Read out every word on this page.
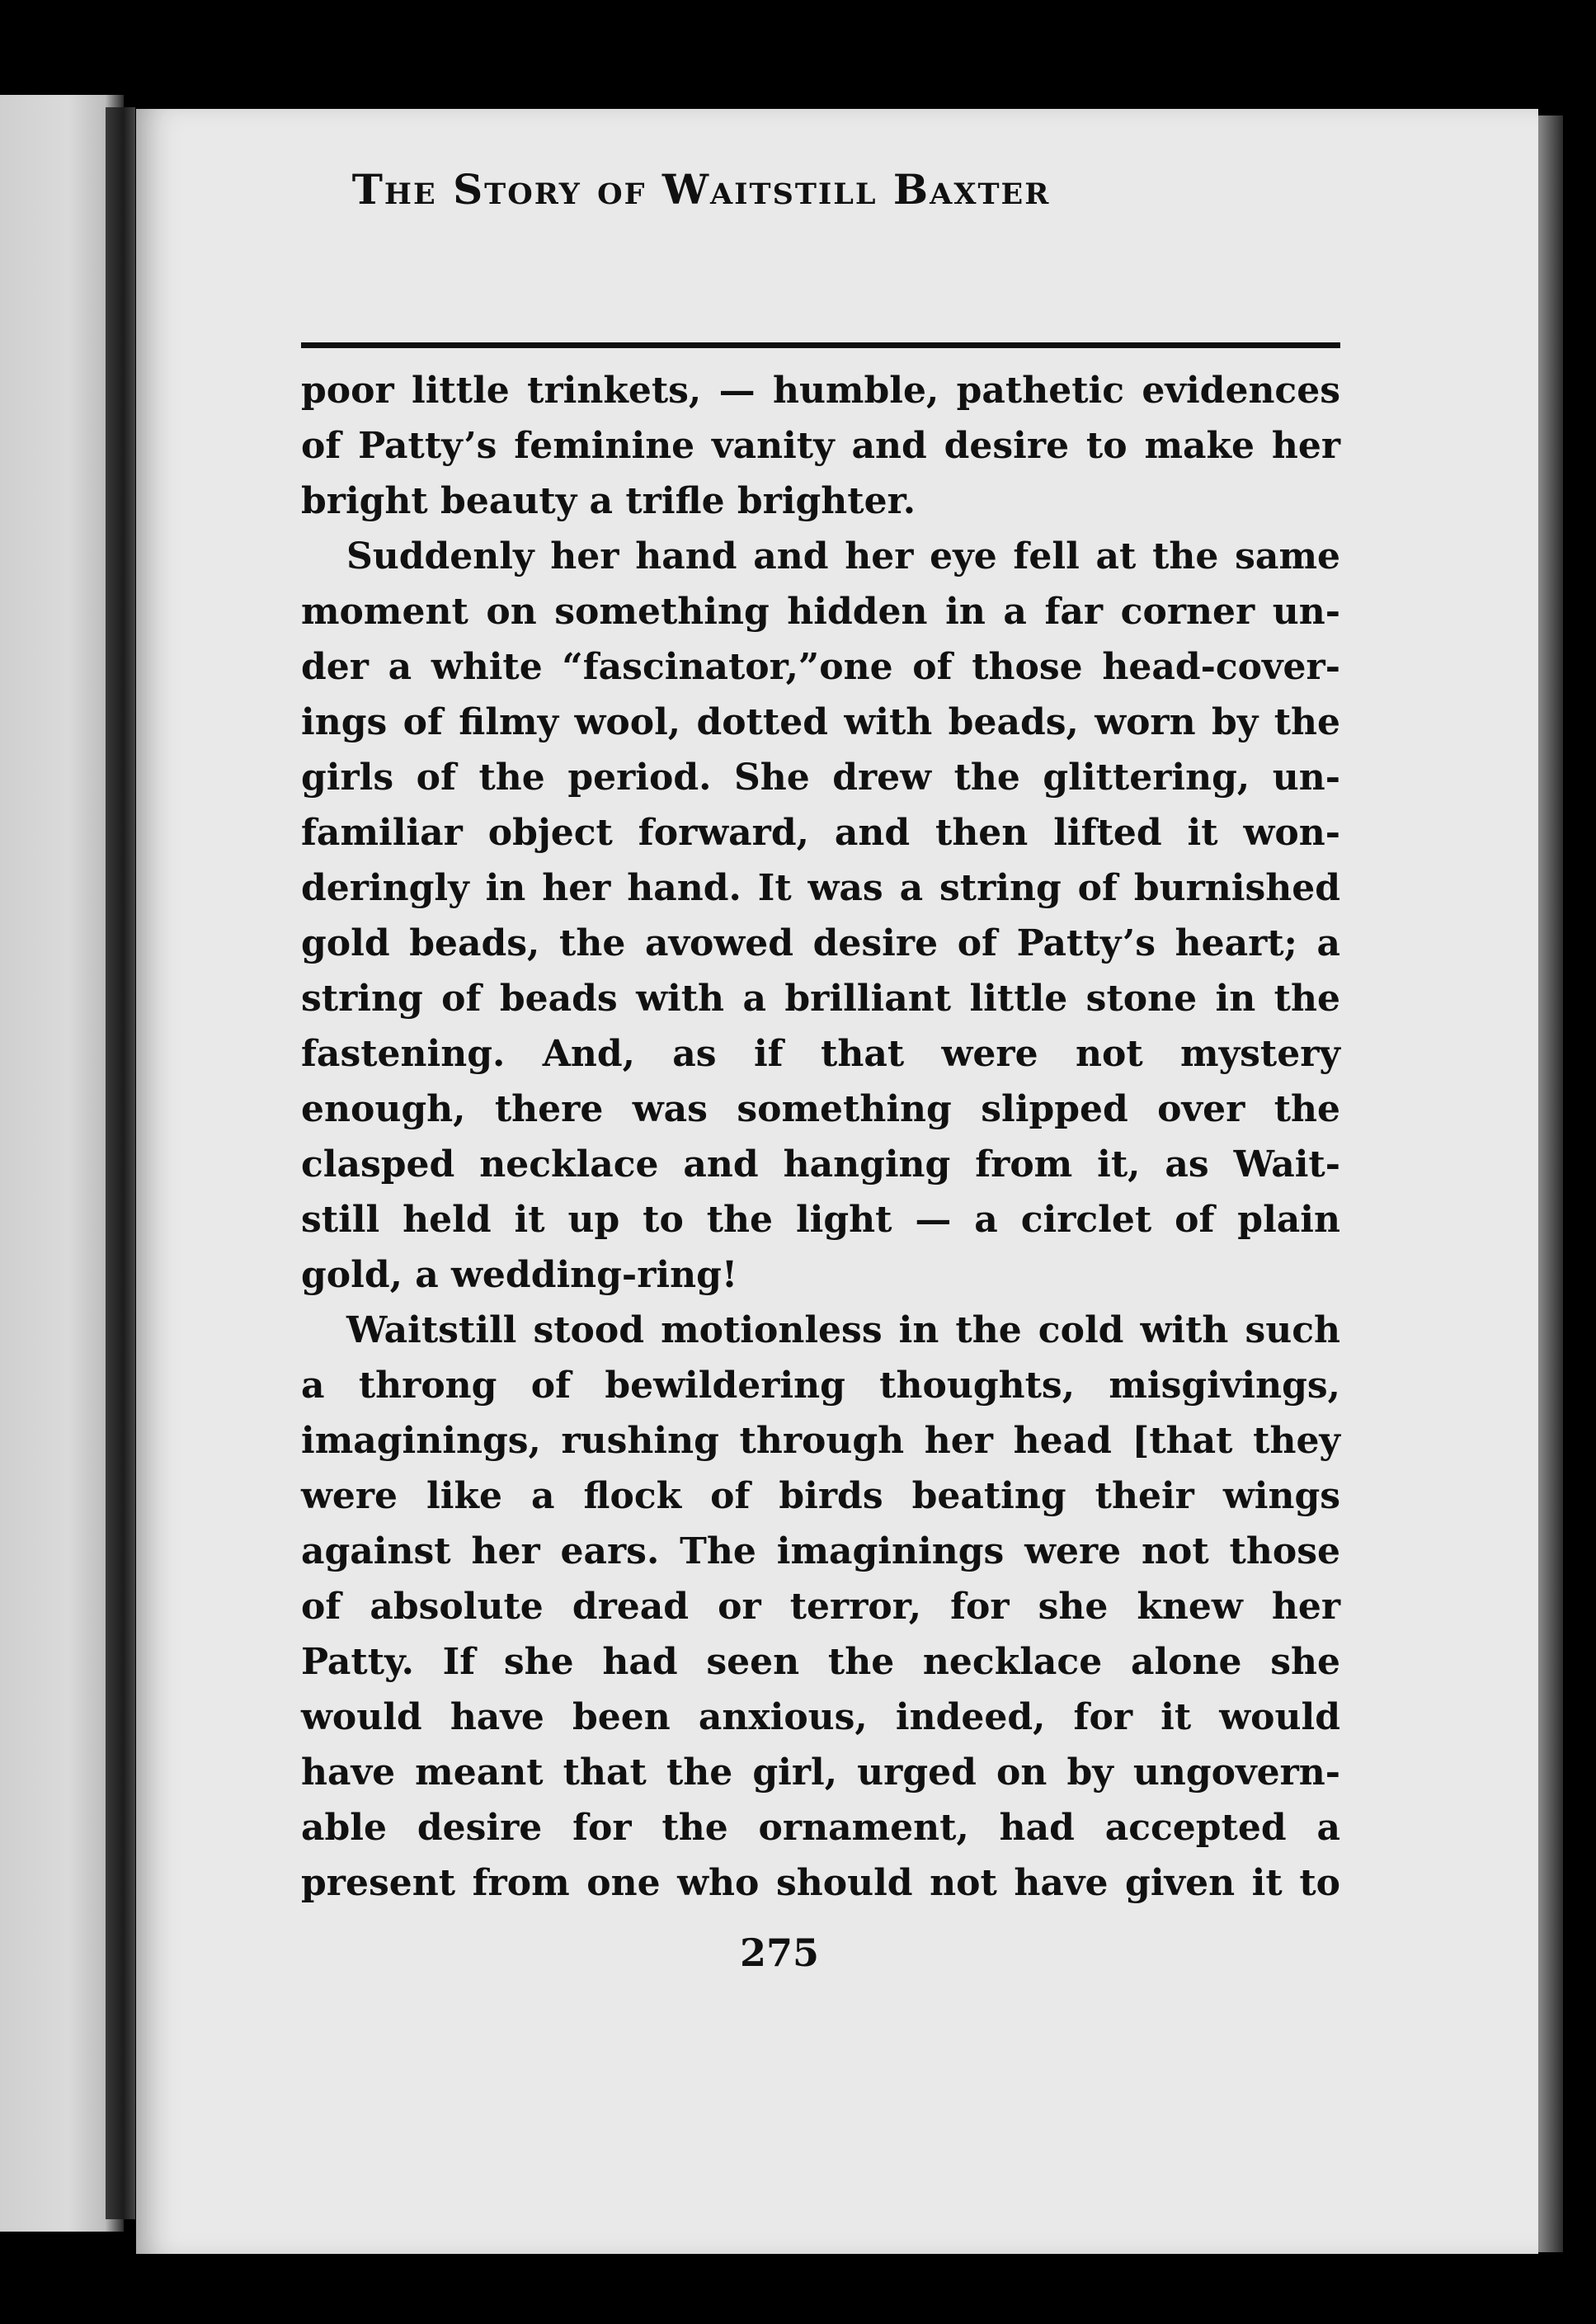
The Story of Waitstill Baxter
poor little trinkets, — humble, pathetic evidences
of Patty’s feminine vanity and desire to make her
bright beauty a trifle brighter.
Suddenly her hand and her eye fell at the same
moment on something hidden in a far corner un-
der a white “fascinator,”one of those head-cover-
ings of filmy wool, dotted with beads, worn by the
girls of the period. She drew the glittering, un-
familiar object forward, and then lifted it won-
deringly in her hand. It was a string of burnished
gold beads, the avowed desire of Patty’s heart; a
string of beads with a brilliant little stone in the
fastening. And, as if that were not mystery
enough, there was something slipped over the
clasped necklace and hanging from it, as Wait-
still held it up to the light — a circlet of plain
gold, a wedding-ring!
Waitstill stood motionless in the cold with such
a throng of bewildering thoughts, misgivings,
imaginings, rushing through her head [that they
were like a flock of birds beating their wings
against her ears. The imaginings were not those
of absolute dread or terror, for she knew her
Patty. If she had seen the necklace alone she
would have been anxious, indeed, for it would
have meant that the girl, urged on by ungovern-
able desire for the ornament, had accepted a
present from one who should not have given it to
275
